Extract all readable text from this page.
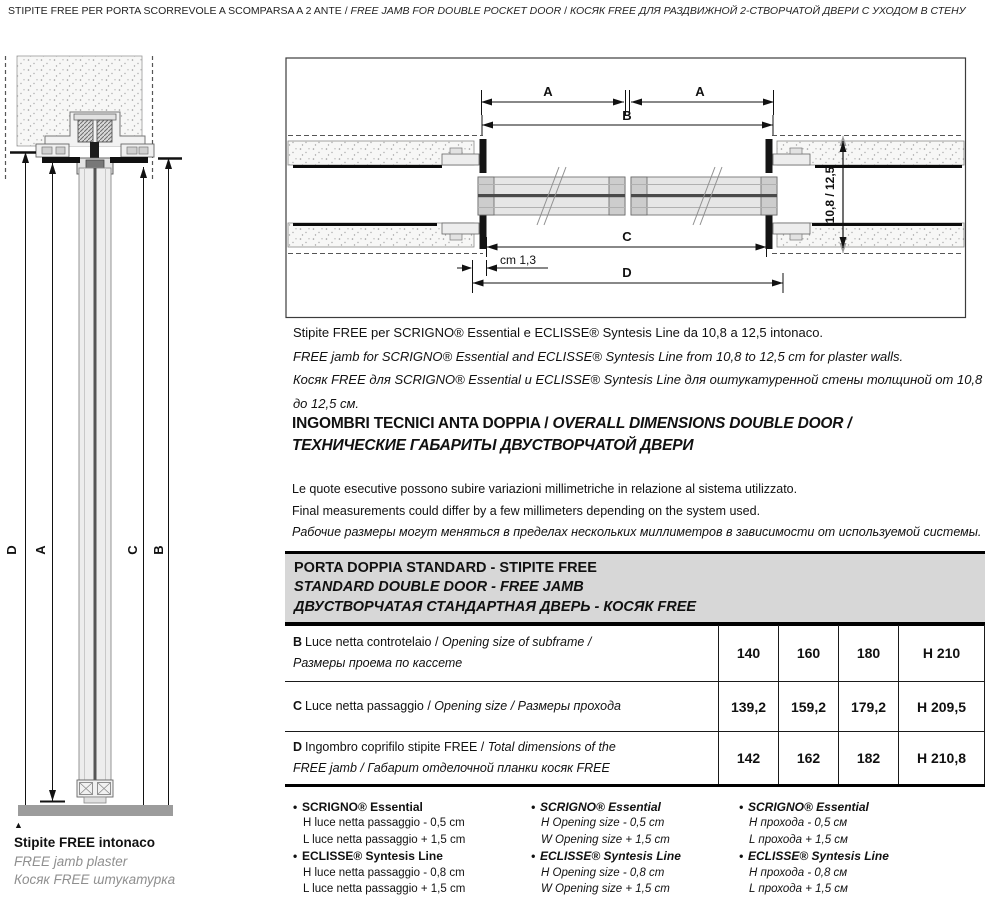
STIPITE FREE PER PORTA SCORREVOLE A SCOMPARSA A 2 ANTE / FREE JAMB FOR DOUBLE POCKET DOOR / КОСЯК FREE ДЛЯ РАЗДВИЖНОЙ 2-СТВОРЧАТОЙ ДВЕРИ С УХОДОМ В СТЕНУ
D A	C B
A	A
B
C
cm 1,3
D
10,8 / 12,5
Stipite FREE per SCRIGNO® Essential e ECLISSE® Syntesis Line da 10,8 a 12,5 intonaco.
FREE jamb for SCRIGNO® Essential and ECLISSE® Syntesis Line from 10,8 to 12,5 cm for plaster walls.
Косяк FREE для SCRIGNO® Essential и ECLISSE® Syntesis Line для оштукатуренной стены толщиной от 10,8 до 12,5 см.
INGOMBRI TECNICI ANTA DOPPIA / OVERALL DIMENSIONS DOUBLE DOOR /
ТЕХНИЧЕСКИЕ ГАБАРИТЫ ДВУСТВОРЧАТОЙ ДВЕРИ
Le quote esecutive possono subire variazioni millimetriche in relazione al sistema utilizzato.
Final measurements could differ by a few millimeters depending on the system used.
Рабочие размеры могут меняться в пределах нескольких миллиметров в зависимости от используемой системы.
PORTA DOPPIA STANDARD - STIPITE FREE
STANDARD DOUBLE DOOR - FREE JAMB
ДВУСТВОРЧАТАЯ СТАНДАРТНАЯ ДВЕРЬ - КОСЯК FREE
B Luce netta controtelaio / Opening size of subframe /
Размеры проема по кассете
140	160	180	H 210
C Luce netta passaggio / Opening size / Размеры прохода	139,2	159,2	179,2	H 209,5
D Ingombro coprifilo stipite FREE / Total dimensions of the
FREE jamb / Габарит отделочной планки косяк FREE
142	162	182	H 210,8
• SCRIGNO® Essential
H luce netta passaggio - 0,5 cm
L luce netta passaggio + 1,5 cm
• ECLISSE® Syntesis Line
H luce netta passaggio - 0,8 cm
L luce netta passaggio + 1,5 cm
• SCRIGNO® Essential
H Opening size - 0,5 cm
W Opening size + 1,5 cm
• ECLISSE® Syntesis Line
H Opening size - 0,8 cm
W Opening size + 1,5 cm
• SCRIGNO® Essential
H прохода - 0,5 см
L прохода + 1,5 см
• ECLISSE® Syntesis Line
H прохода - 0,8 см
L прохода + 1,5 см
▲
Stipite FREE intonaco
FREE jamb plaster
Косяк FREE штукатурка
